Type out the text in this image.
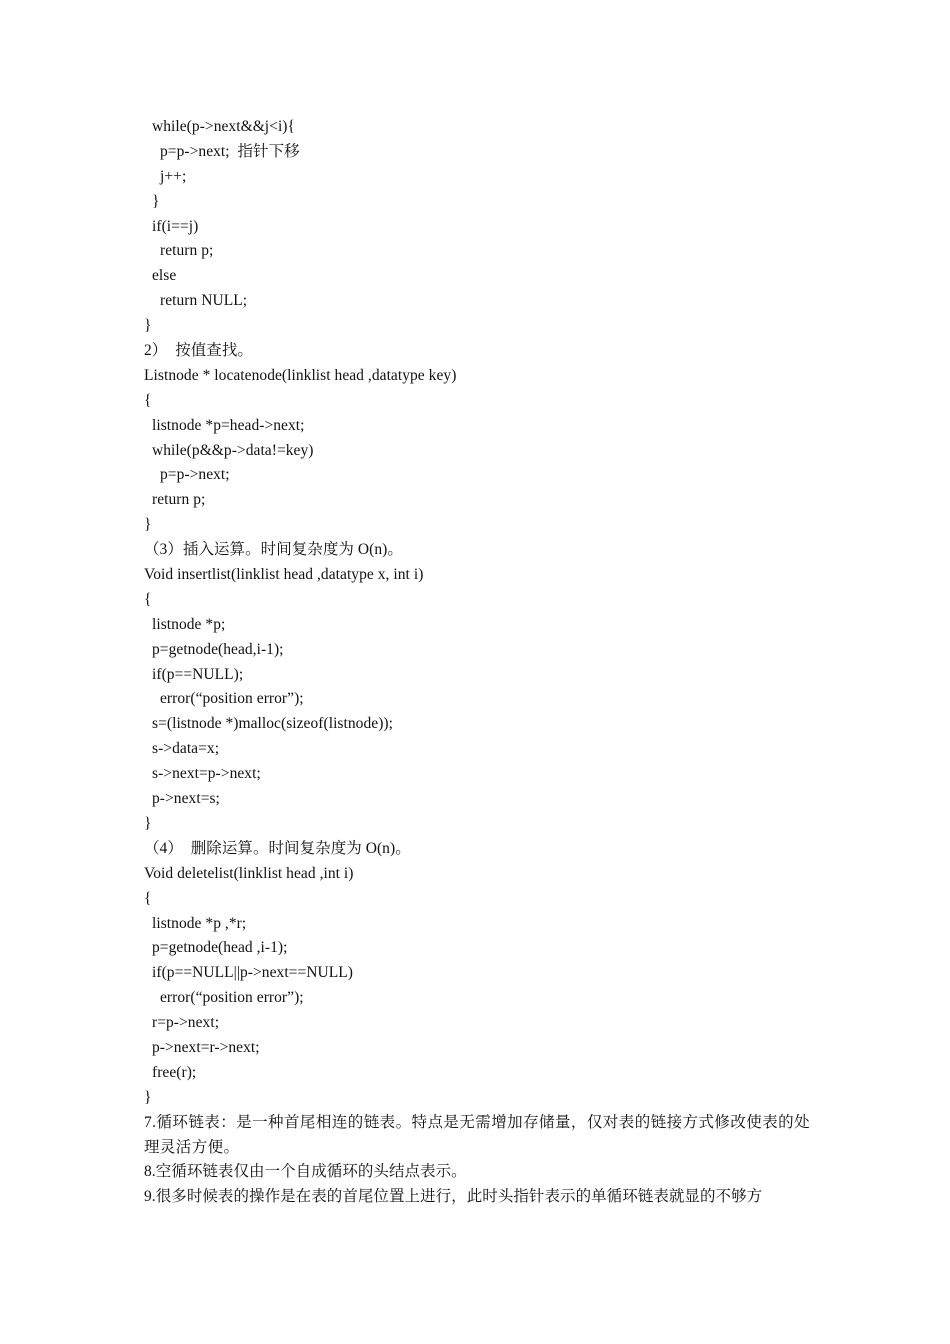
while(p->next&&j<i){
p=p->next;  指针下移
j++;
}
if(i==j)
return p;
else
return NULL;
}
2）  按值查找。
Listnode * locatenode(linklist head ,datatype key)
{
listnode *p=head->next;
while(p&&p->data!=key)
p=p->next;
return p;
}
（3）插入运算。时间复杂度为 O(n)。
Void insertlist(linklist head ,datatype x, int i)
{
listnode *p;
p=getnode(head,i-1);
if(p==NULL);
error(“position error”);
s=(listnode *)malloc(sizeof(listnode));
s->data=x;
s->next=p->next;
p->next=s;
}
（4）  删除运算。时间复杂度为 O(n)。
Void deletelist(linklist head ,int i)
{
listnode *p ,*r;
p=getnode(head ,i-1);
if(p==NULL||p->next==NULL)
error(“position error”);
r=p->next;
p->next=r->next;
free(r);
}
7.循环链表：是一种首尾相连的链表。特点是无需增加存储量，仅对表的链接方式修改使表的处理灵活方便。
8.空循环链表仅由一个自成循环的头结点表示。
9.很多时候表的操作是在表的首尾位置上进行，此时头指针表示的单循环链表就显的不够方
